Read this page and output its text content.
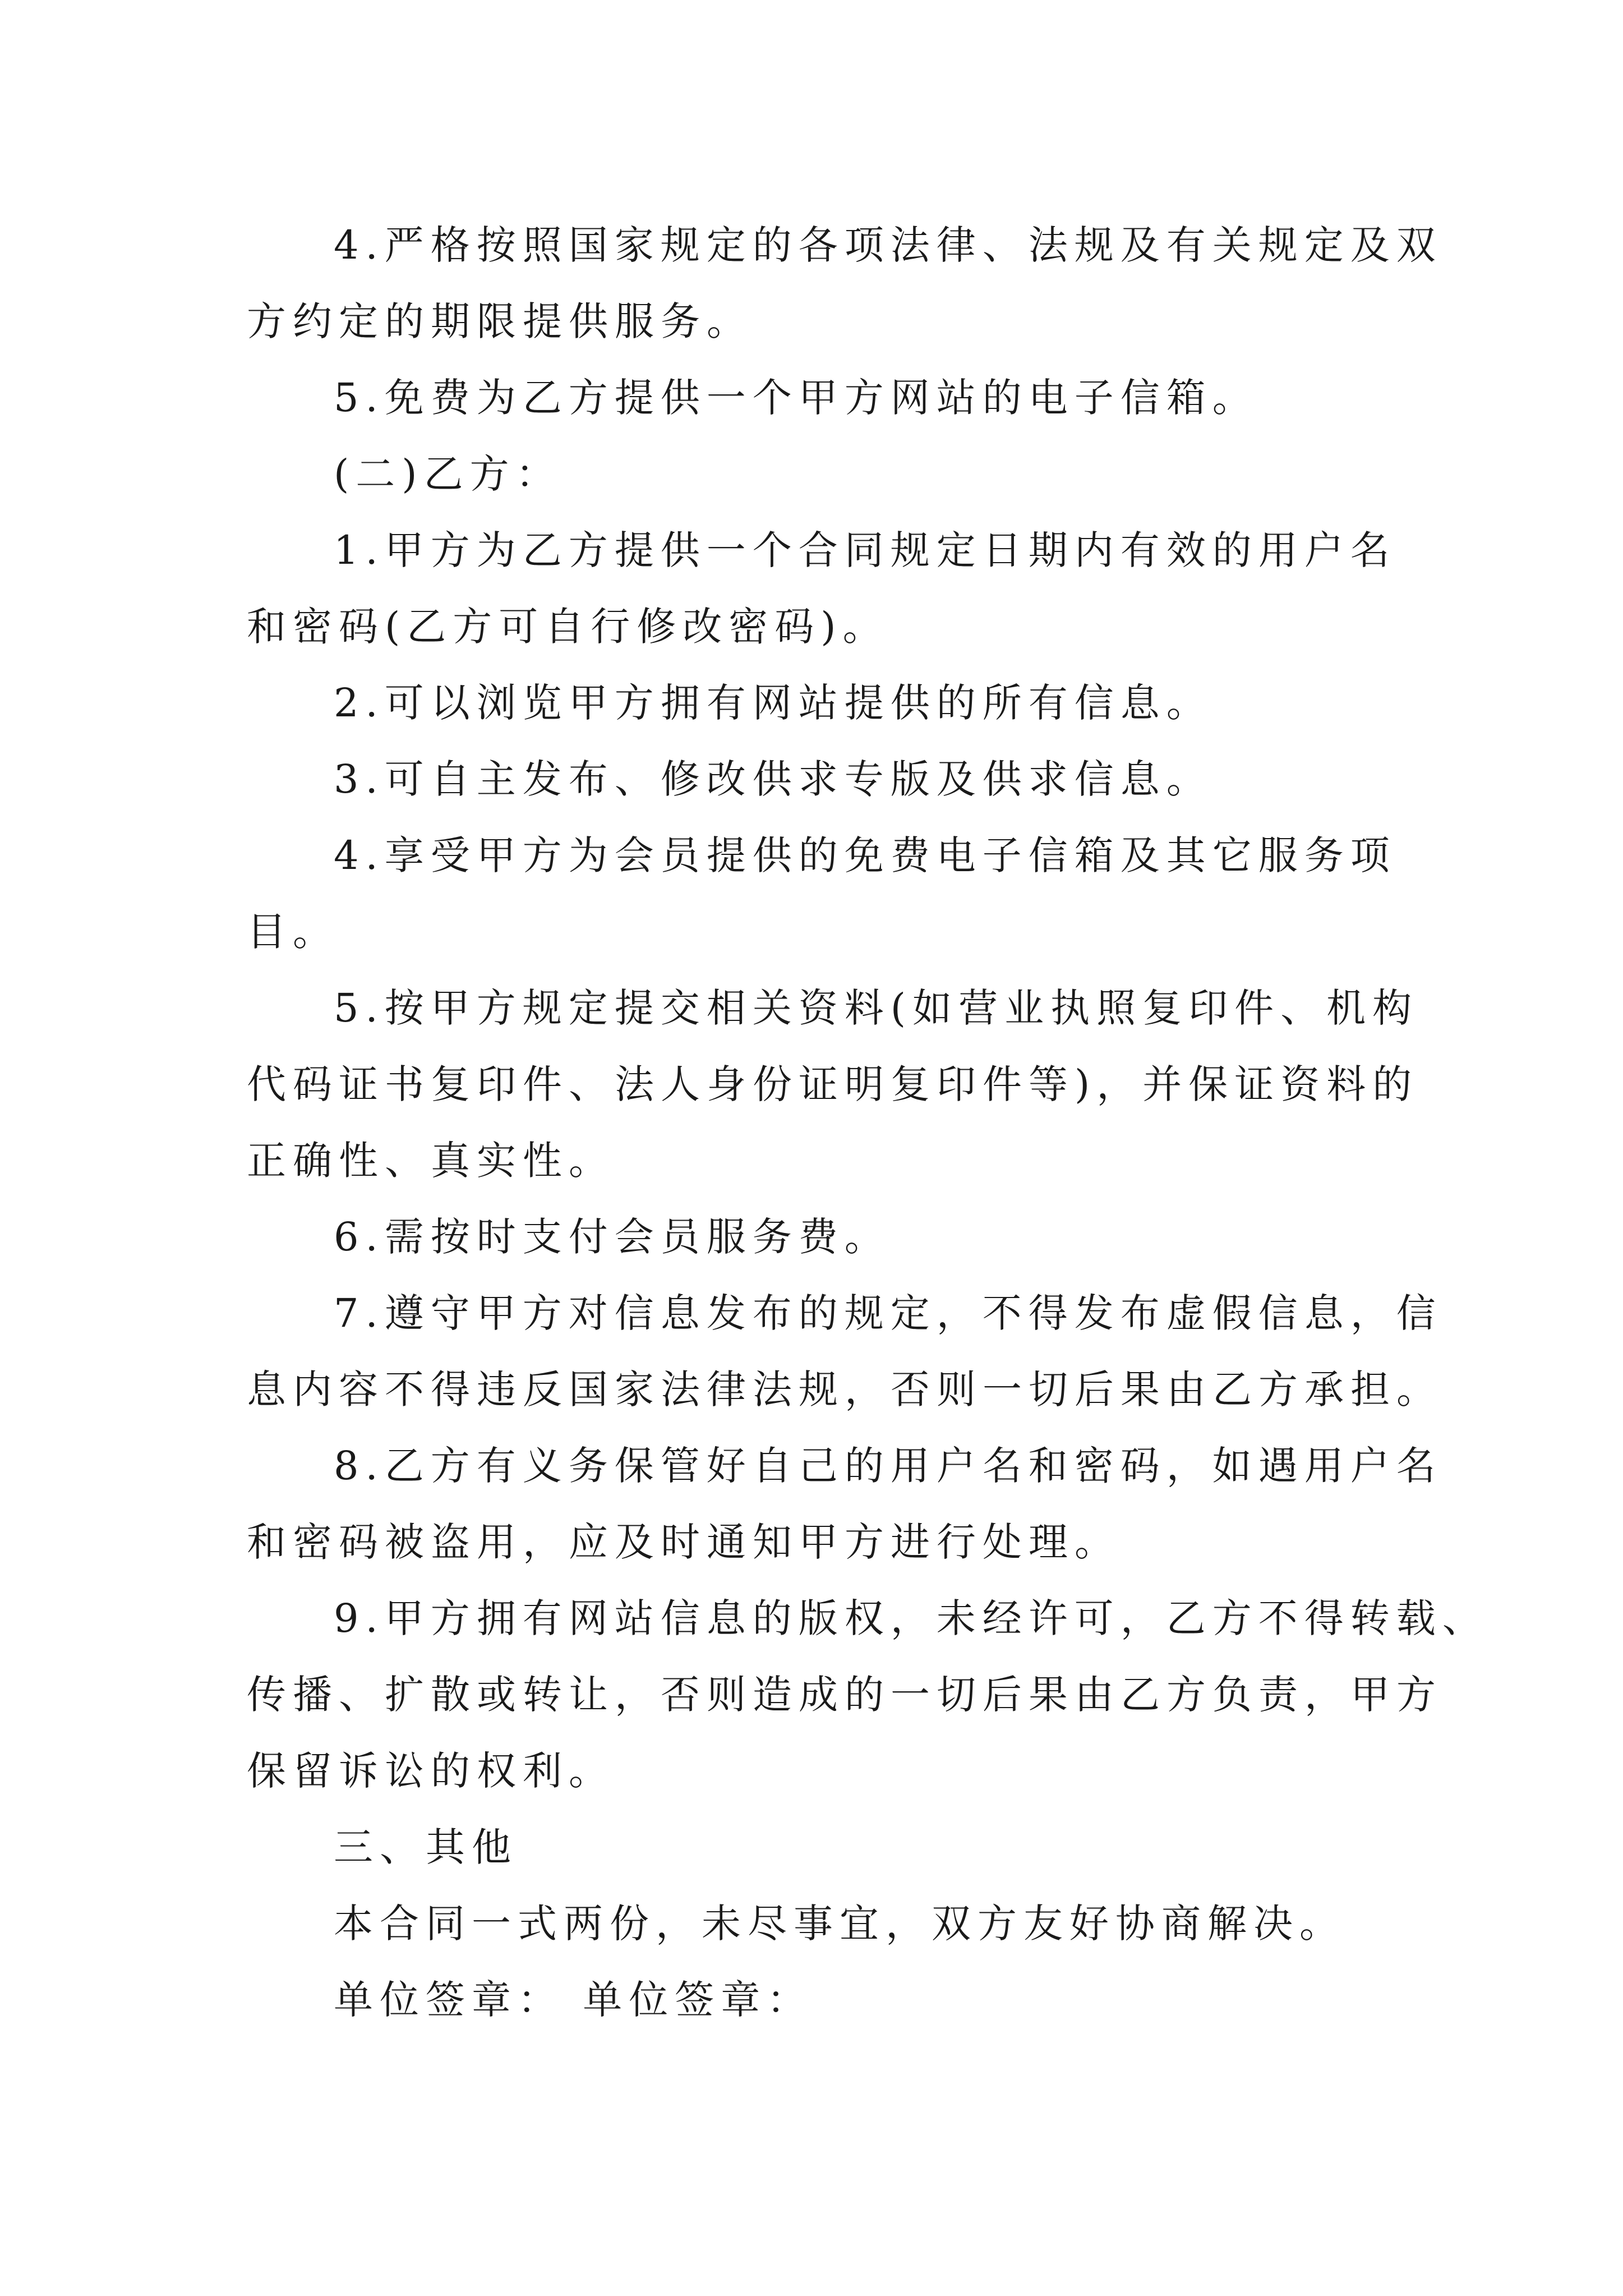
4.严格按照国家规定的各项法律、法规及有关规定及双
方约定的期限提供服务。
5.免费为乙方提供一个甲方网站的电子信箱。
(二)乙方：
1.甲方为乙方提供一个合同规定日期内有效的用户名
和密码(乙方可自行修改密码)。
2.可以浏览甲方拥有网站提供的所有信息。
3.可自主发布、修改供求专版及供求信息。
4.享受甲方为会员提供的免费电子信箱及其它服务项
目。
5.按甲方规定提交相关资料(如营业执照复印件、机构
代码证书复印件、法人身份证明复印件等)，并保证资料的
正确性、真实性。
6.需按时支付会员服务费。
7.遵守甲方对信息发布的规定，不得发布虚假信息，信
息内容不得违反国家法律法规，否则一切后果由乙方承担。
8.乙方有义务保管好自己的用户名和密码，如遇用户名
和密码被盗用，应及时通知甲方进行处理。
9.甲方拥有网站信息的版权，未经许可，乙方不得转载、
传播、扩散或转让，否则造成的一切后果由乙方负责，甲方
保留诉讼的权利。
三、其他
本合同一式两份，未尽事宜，双方友好协商解决。
单位签章： 单位签章：
